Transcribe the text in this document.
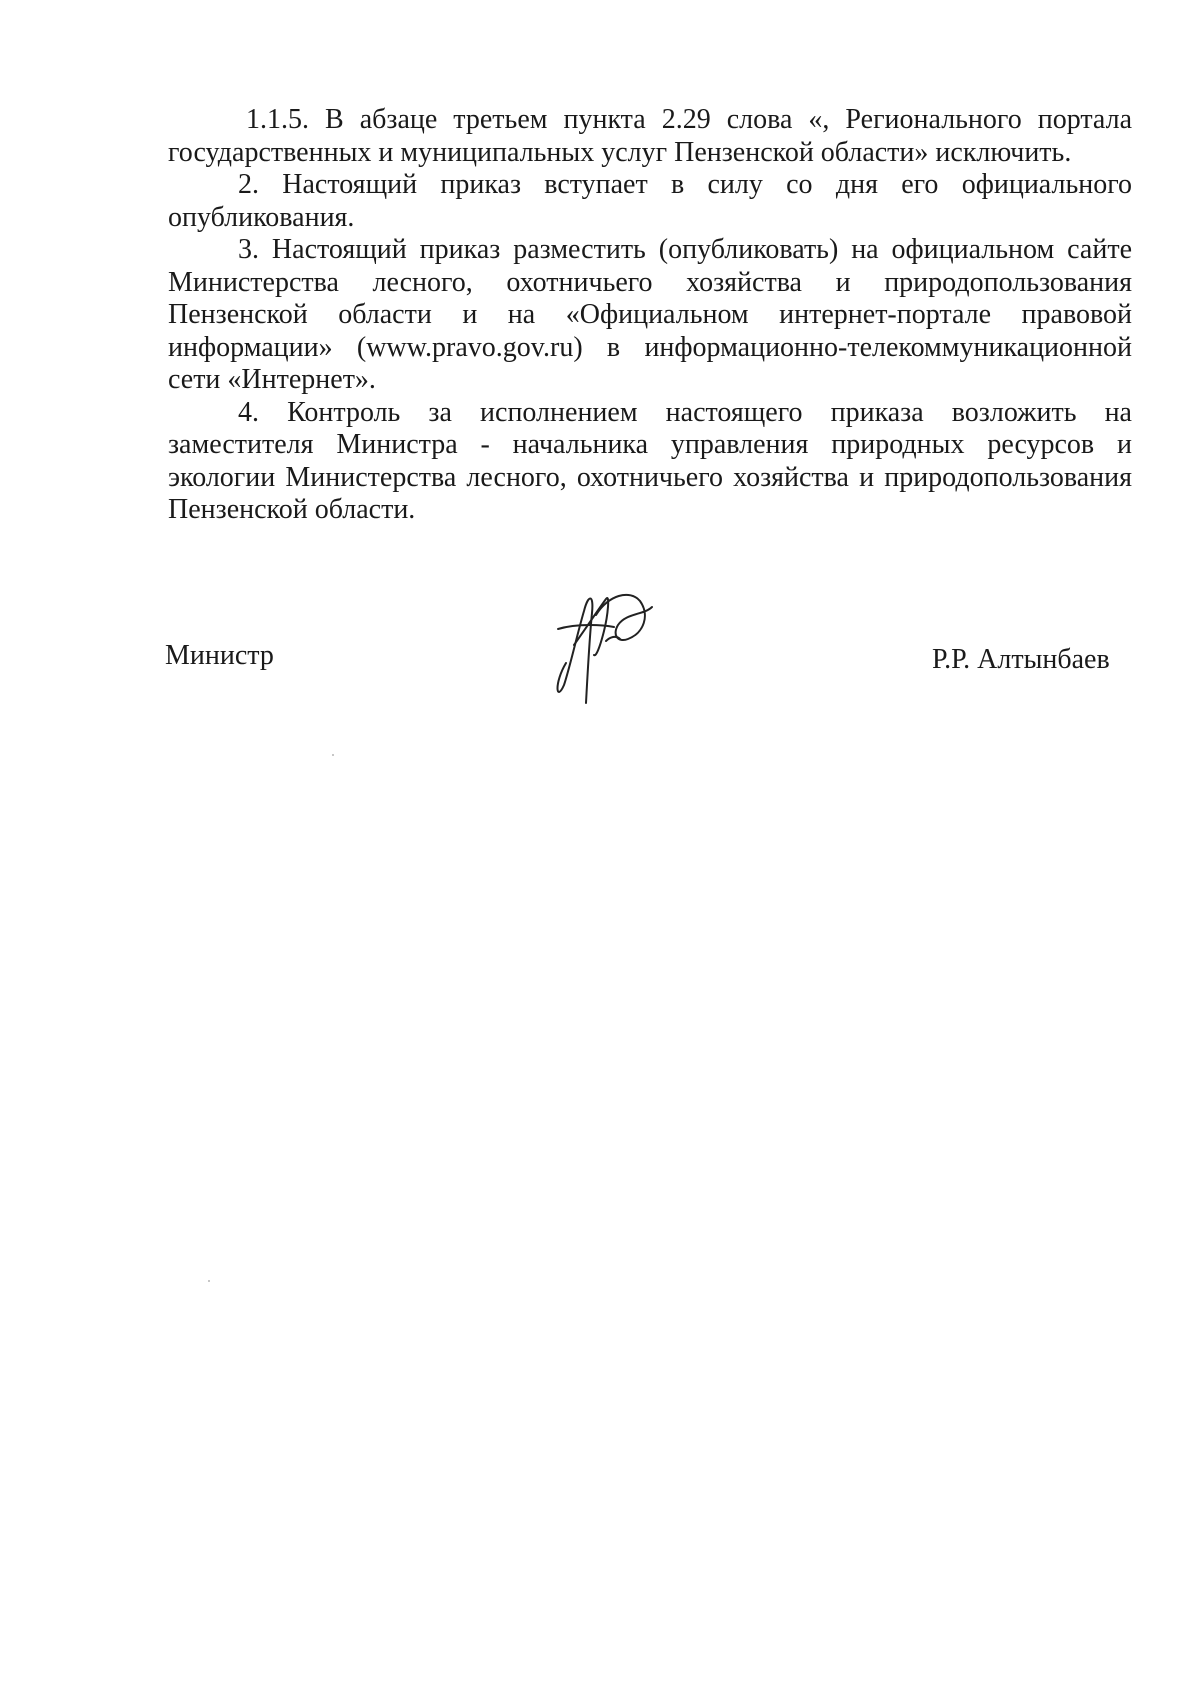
1.1.5. В абзаце третьем пункта 2.29 слова «, Регионального портала государственных и муниципальных услуг Пензенской области» исключить.

2. Настоящий приказ вступает в силу со дня его официального опубликования.

3. Настоящий приказ разместить (опубликовать) на официальном сайте Министерства лесного, охотничьего хозяйства и природопользования Пензенской области и на «Официальном интернет-портале правовой информации» (www.pravo.gov.ru) в информационно-телекоммуникационной сети «Интернет».

4. Контроль за исполнением настоящего приказа возложить на заместителя Министра - начальника управления природных ресурсов и экологии Министерства лесного, охотничьего хозяйства и природопользования Пензенской области.

Министр	Р.Р. Алтынбаев
